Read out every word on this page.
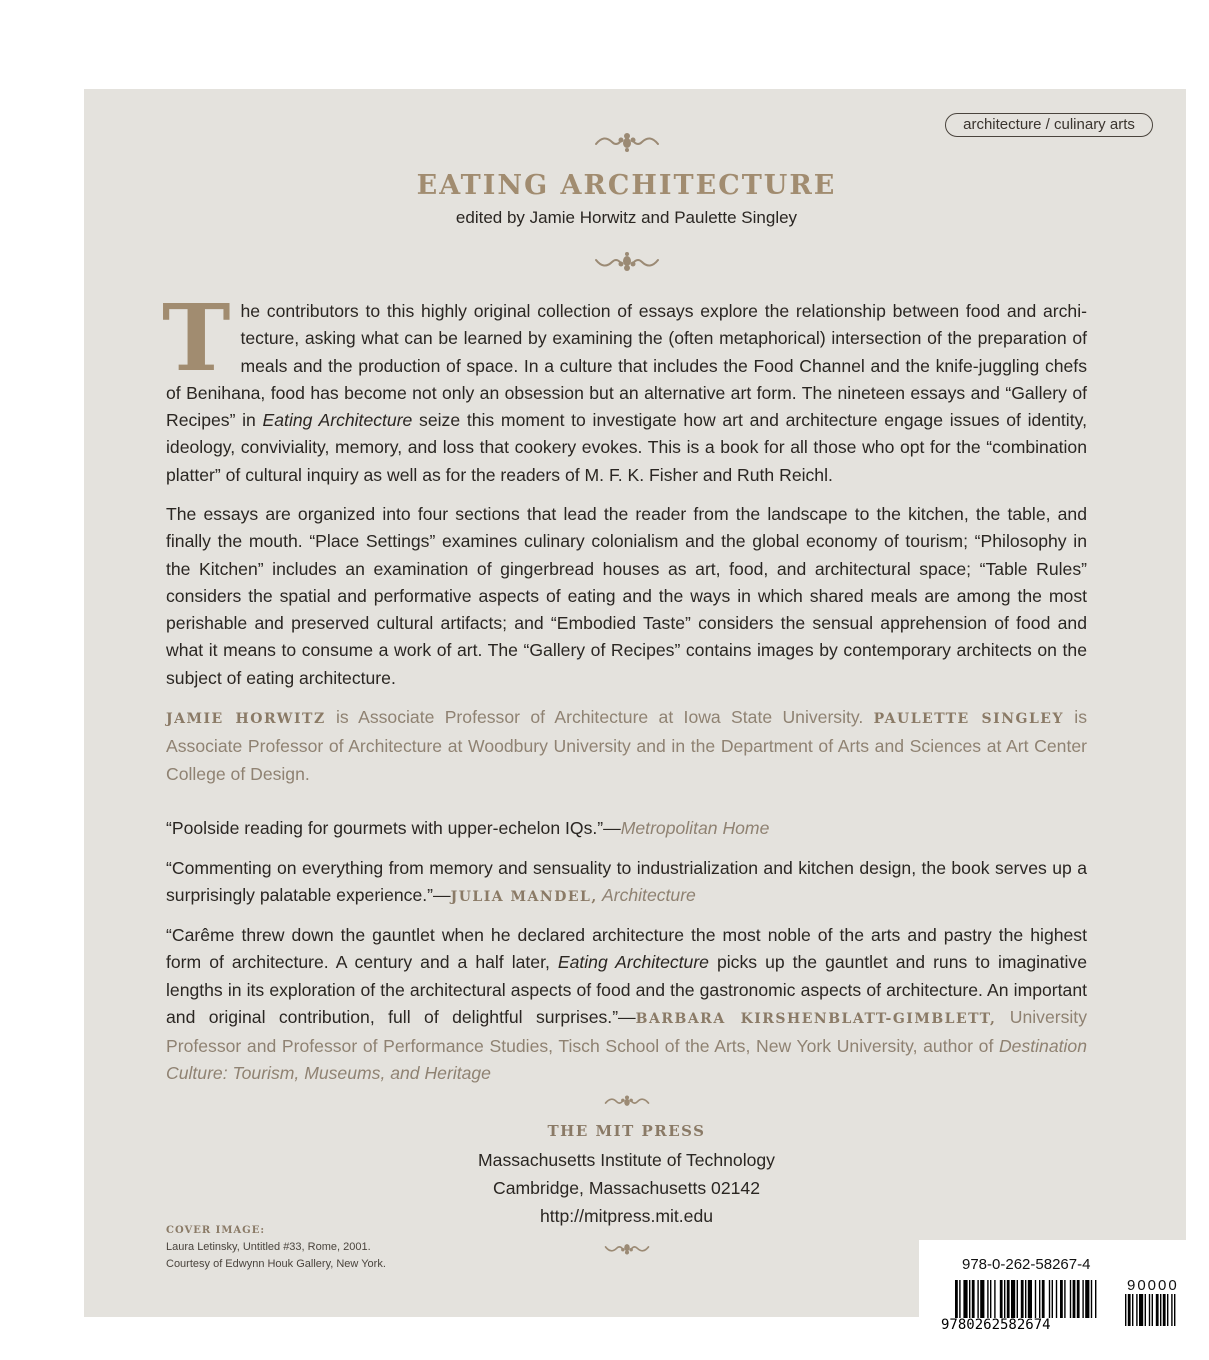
architecture / culinary arts
EATING ARCHITECTURE
edited by Jamie Horwitz and Paulette Singley

The contributors to this highly original collection of essays explore the relationship between food and architecture, asking what can be learned by examining the (often metaphorical) intersection of the preparation of meals and the production of space. In a culture that includes the Food Channel and the knife-juggling chefs of Benihana, food has become not only an obsession but an alternative art form. The nineteen essays and “Gallery of Recipes” in Eating Architecture seize this moment to investigate how art and architecture engage issues of identity, ideology, conviviality, memory, and loss that cookery evokes. This is a book for all those who opt for the “combination platter” of cultural inquiry as well as for the readers of M. F. K. Fisher and Ruth Reichl.

The essays are organized into four sections that lead the reader from the landscape to the kitchen, the table, and finally the mouth. “Place Settings” examines culinary colonialism and the global economy of tourism; “Philosophy in the Kitchen” includes an examination of gingerbread houses as art, food, and architectural space; “Table Rules” considers the spatial and performative aspects of eating and the ways in which shared meals are among the most perishable and preserved cultural artifacts; and “Embodied Taste” considers the sensual apprehension of food and what it means to consume a work of art. The “Gallery of Recipes” contains images by contemporary architects on the subject of eating architecture.

JAMIE HORWITZ is Associate Professor of Architecture at Iowa State University. PAULETTE SINGLEY is Associate Professor of Architecture at Woodbury University and in the Department of Arts and Sciences at Art Center College of Design.

“Poolside reading for gourmets with upper-echelon IQs.”—Metropolitan Home

“Commenting on everything from memory and sensuality to industrialization and kitchen design, the book serves up a surprisingly palatable experience.”—JULIA MANDEL, Architecture

“Carême threw down the gauntlet when he declared architecture the most noble of the arts and pastry the highest form of architecture. A century and a half later, Eating Architecture picks up the gauntlet and runs to imaginative lengths in its exploration of the architectural aspects of food and the gastronomic aspects of architecture. An important and original contribution, full of delightful surprises.”—BARBARA KIRSHENBLATT-GIMBLETT, University Professor and Professor of Performance Studies, Tisch School of the Arts, New York University, author of Destination Culture: Tourism, Museums, and Heritage

THE MIT PRESS
Massachusetts Institute of Technology
Cambridge, Massachusetts 02142
http://mitpress.mit.edu
COVER IMAGE:
Laura Letinsky, Untitled #33, Rome, 2001.
Courtesy of Edwynn Houk Gallery, New York.	978-0-262-58267-4
90000
9780262582674
